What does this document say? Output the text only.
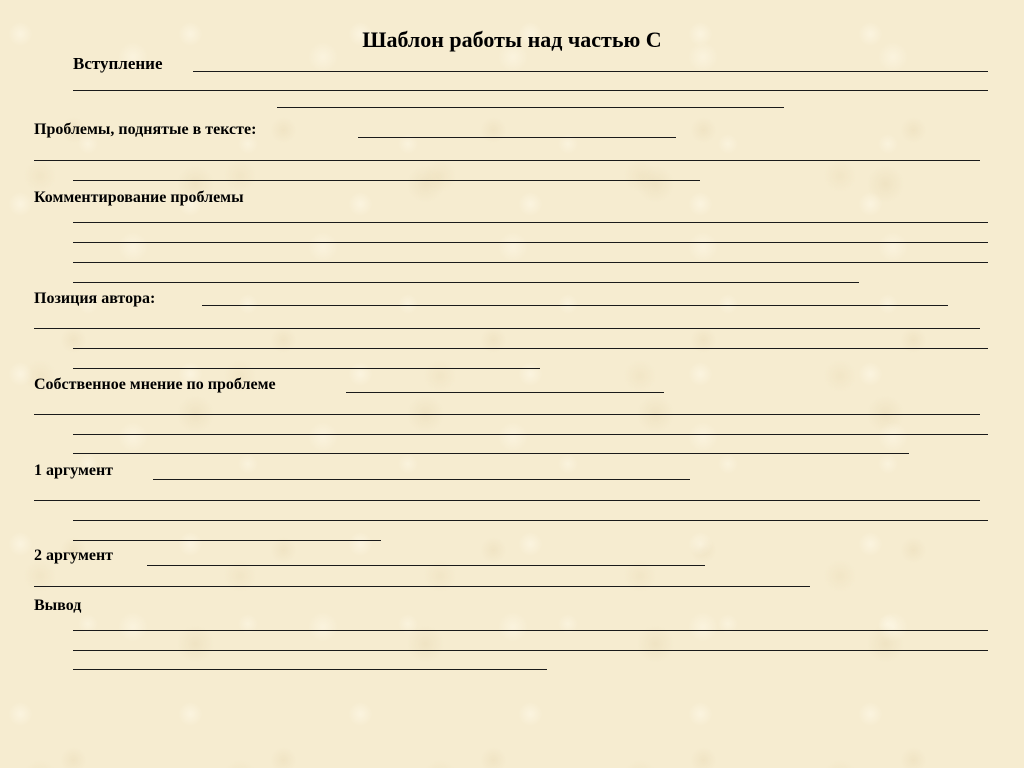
Шаблон работы над частью С
Вступление
Проблемы, поднятые в тексте:
Комментирование проблемы
Позиция автора:
Собственное мнение по проблеме
1 аргумент
2 аргумент
Вывод
